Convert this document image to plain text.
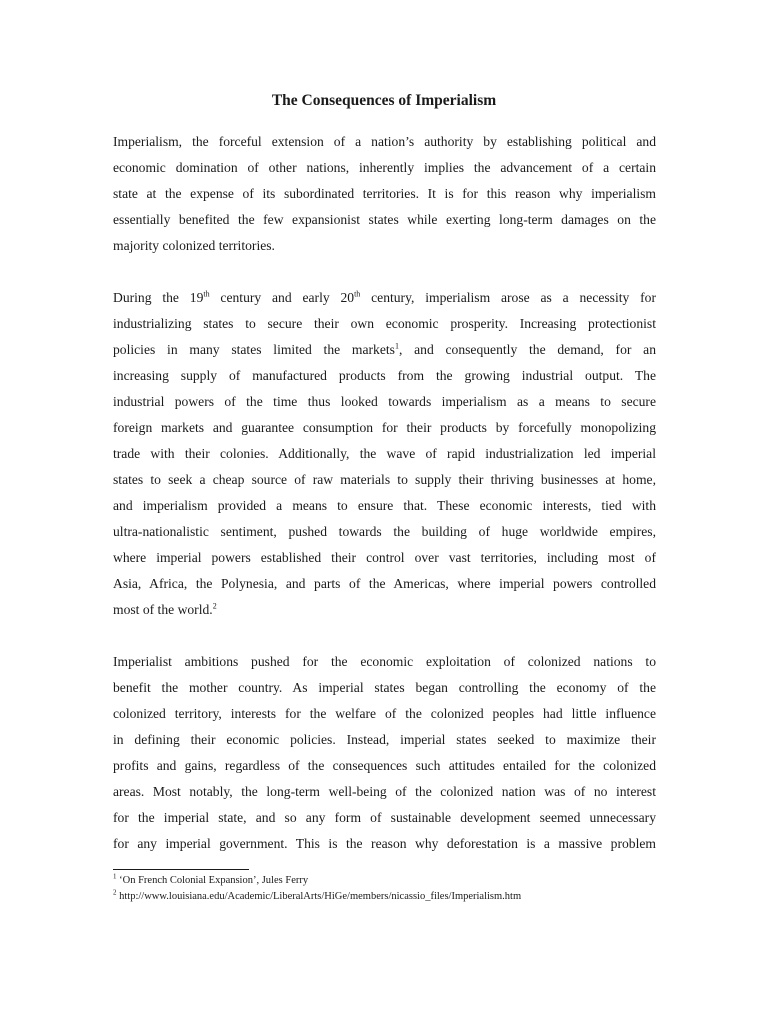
The Consequences of Imperialism

Imperialism, the forceful extension of a nation’s authority by establishing political and
economic domination of other nations, inherently implies the advancement of a certain
state at the expense of its subordinated territories. It is for this reason why imperialism
essentially benefited the few expansionist states while exerting long-term damages on the
majority colonized territories.

During the 19th century and early 20th century, imperialism arose as a necessity for
industrializing states to secure their own economic prosperity. Increasing protectionist
policies in many states limited the markets$^1$, and consequently the demand, for an
increasing supply of manufactured products from the growing industrial output. The
industrial powers of the time thus looked towards imperialism as a means to secure
foreign markets and guarantee consumption for their products by forcefully monopolizing
trade with their colonies. Additionally, the wave of rapid industrialization led imperial
states to seek a cheap source of raw materials to supply their thriving businesses at home,
and imperialism provided a means to ensure that. These economic interests, tied with
ultra-nationalistic sentiment, pushed towards the building of huge worldwide empires,
where imperial powers established their control over vast territories, including most of
Asia, Africa, the Polynesia, and parts of the Americas, where imperial powers controlled
most of the world.$^2$

Imperialist ambitions pushed for the economic exploitation of colonized nations to
benefit the mother country. As imperial states began controlling the economy of the
colonized territory, interests for the welfare of the colonized peoples had little influence
in defining their economic policies. Instead, imperial states seeked to maximize their
profits and gains, regardless of the consequences such attitudes entailed for the colonized
areas. Most notably, the long-term well-being of the colonized nation was of no interest
for the imperial state, and so any form of sustainable development seemed unnecessary
for any imperial government. This is the reason why deforestation is a massive problem

$^1$ ‘On French Colonial Expansion’, Jules Ferry
$^2$ http://www.louisiana.edu/Academic/LiberalArts/HiGe/members/nicassio_files/Imperialism.htm
